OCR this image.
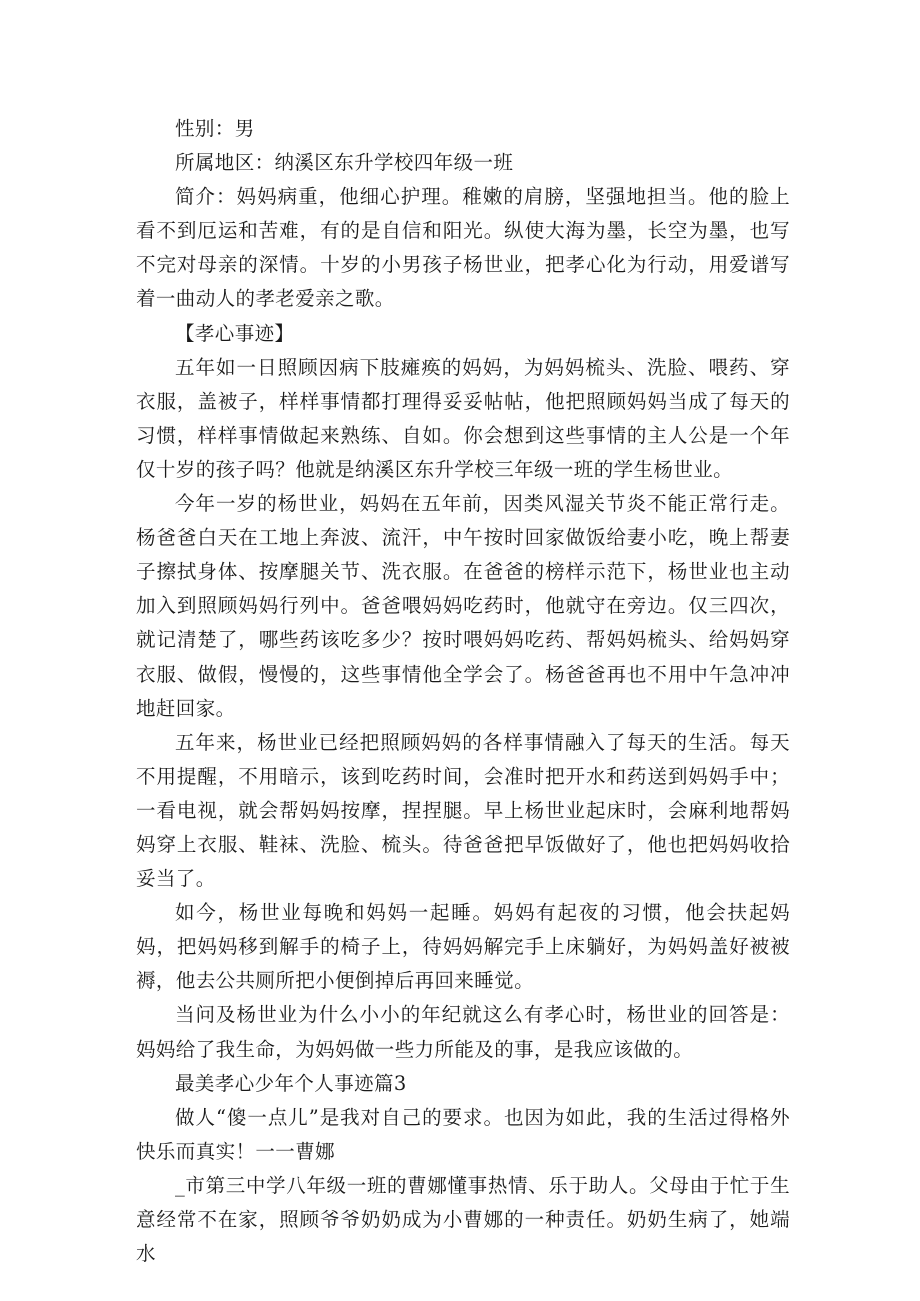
性别：男

所属地区：纳溪区东升学校四年级一班

简介：妈妈病重，他细心护理。稚嫩的肩膀，坚强地担当。他的脸上看不到厄运和苦难，有的是自信和阳光。纵使大海为墨，长空为墨，也写不完对母亲的深情。十岁的小男孩子杨世业，把孝心化为行动，用爱谱写着一曲动人的孝老爱亲之歌。

【孝心事迹】

五年如一日照顾因病下肢瘫痪的妈妈，为妈妈梳头、洗脸、喂药、穿衣服，盖被子，样样事情都打理得妥妥帖帖，他把照顾妈妈当成了每天的习惯，样样事情做起来熟练、自如。你会想到这些事情的主人公是一个年仅十岁的孩子吗？他就是纳溪区东升学校三年级一班的学生杨世业。

今年一岁的杨世业，妈妈在五年前，因类风湿关节炎不能正常行走。杨爸爸白天在工地上奔波、流汗，中午按时回家做饭给妻小吃，晚上帮妻子擦拭身体、按摩腿关节、洗衣服。在爸爸的榜样示范下，杨世业也主动加入到照顾妈妈行列中。爸爸喂妈妈吃药时，他就守在旁边。仅三四次，就记清楚了，哪些药该吃多少？按时喂妈妈吃药、帮妈妈梳头、给妈妈穿衣服、做假，慢慢的，这些事情他全学会了。杨爸爸再也不用中午急冲冲地赶回家。

五年来，杨世业已经把照顾妈妈的各样事情融入了每天的生活。每天不用提醒，不用暗示，该到吃药时间，会准时把开水和药送到妈妈手中；一看电视，就会帮妈妈按摩，捏捏腿。早上杨世业起床时，会麻利地帮妈妈穿上衣服、鞋袜、洗脸、梳头。待爸爸把早饭做好了，他也把妈妈收拾妥当了。

如今，杨世业每晚和妈妈一起睡。妈妈有起夜的习惯，他会扶起妈妈，把妈妈移到解手的椅子上，待妈妈解完手上床躺好，为妈妈盖好被被褥，他去公共厕所把小便倒掉后再回来睡觉。

当问及杨世业为什么小小的年纪就这么有孝心时，杨世业的回答是：妈妈给了我生命，为妈妈做一些力所能及的事，是我应该做的。

最美孝心少年个人事迹篇3

做人“傻一点儿”是我对自己的要求。也因为如此，我的生活过得格外快乐而真实！一一曹娜

_市第三中学八年级一班的曹娜懂事热情、乐于助人。父母由于忙于生意经常不在家，照顾爷爷奶奶成为小曹娜的一种责任。奶奶生病了，她端水
